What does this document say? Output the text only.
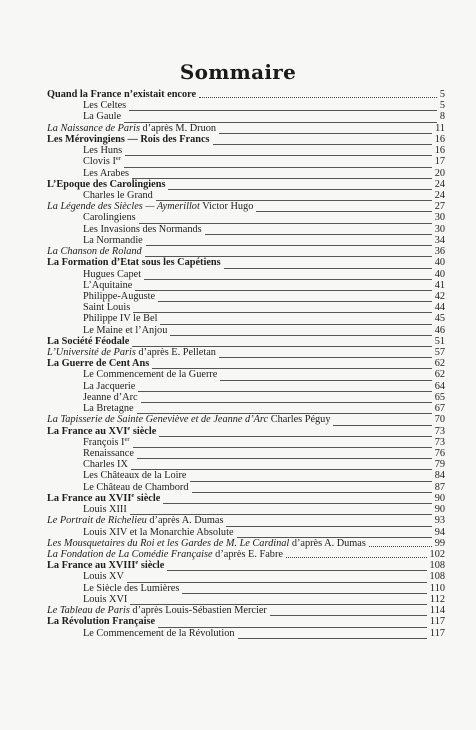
Sommaire
Quand la France n’existait encore	5
Les Celtes	5
La Gaule	8
La Naissance de Paris d’après M. Druon	11
Les Mérovingiens — Rois des Francs	16
Les Huns	16
Clovis Ier	17
Les Arabes	20
L’Epoque des Carolingiens	24
Charles le Grand	24
La Légende des Siècles — Aymerillot Victor Hugo	27
Carolingiens	30
Les Invasions des Normands	30
La Normandie	34
La Chanson de Roland	36
La Formation d’Etat sous les Capétiens	40
Hugues Capet	40
L’Aquitaine	41
Philippe-Auguste	42
Saint Louis	44
Philippe IV le Bel	45
Le Maine et l’Anjou	46
La Société Féodale	51
L’Université de Paris d’après E. Pelletan	57
La Guerre de Cent Ans	62
Le Commencement de la Guerre	62
La Jacquerie	64
Jeanne d’Arc	65
La Bretagne	67
La Tapisserie de Sainte Geneviève et de Jeanne d’Arc Charles Péguy	70
La France au XVIe siècle	73
François Ier	73
Renaissance	76
Charles IX	79
Les Châteaux de la Loire	84
Le Château de Chambord	87
La France au XVIIe siècle	90
Louis XIII	90
Le Portrait de Richelieu d’après A. Dumas	93
Louis XIV et la Monarchie Absolute	94
Les Mousquetaires du Roi et les Gardes de M. Le Cardinal d’après A. Dumas	99
La Fondation de La Comédie Française d’après E. Fabre	102
La France au XVIIIe siècle	108
Louis XV	108
Le Siècle des Lumières	110
Louis XVI	112
Le Tableau de Paris d’après Louis-Sébastien Mercier	114
La Révolution Française	117
Le Commencement de la Révolution	117
